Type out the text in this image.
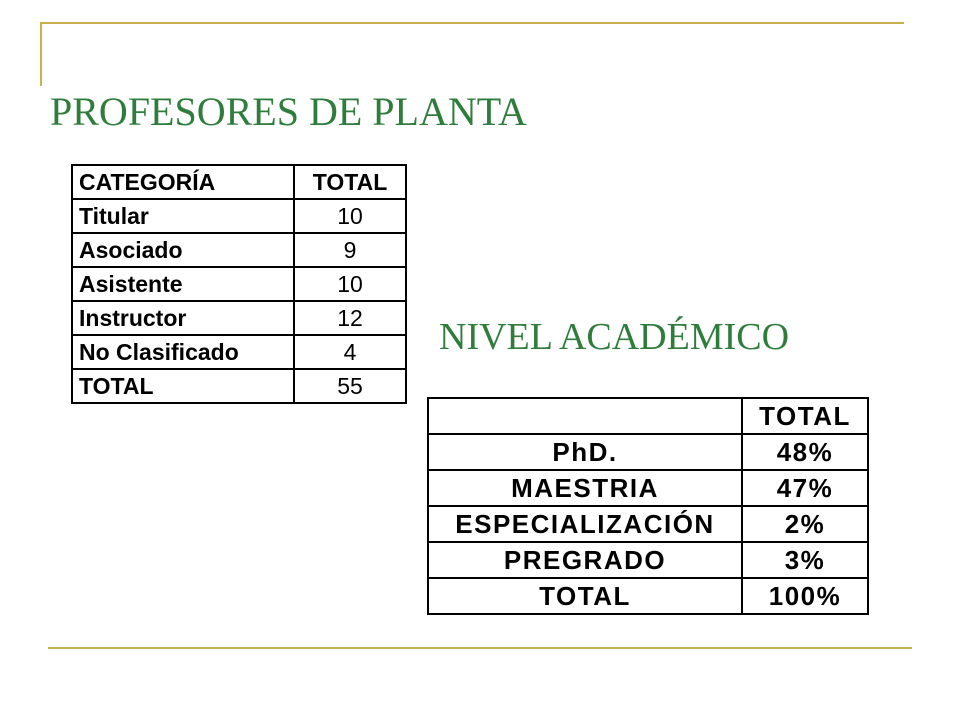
PROFESORES DE PLANTA
CATEGORÍA	TOTAL
Titular	10
Asociado	9
Asistente	10
Instructor	12
No Clasificado	4
TOTAL	55
NIVEL ACADÉMICO
	TOTAL
PhD.	48%
MAESTRIA	47%
ESPECIALIZACIÓN	2%
PREGRADO	3%
TOTAL	100%
